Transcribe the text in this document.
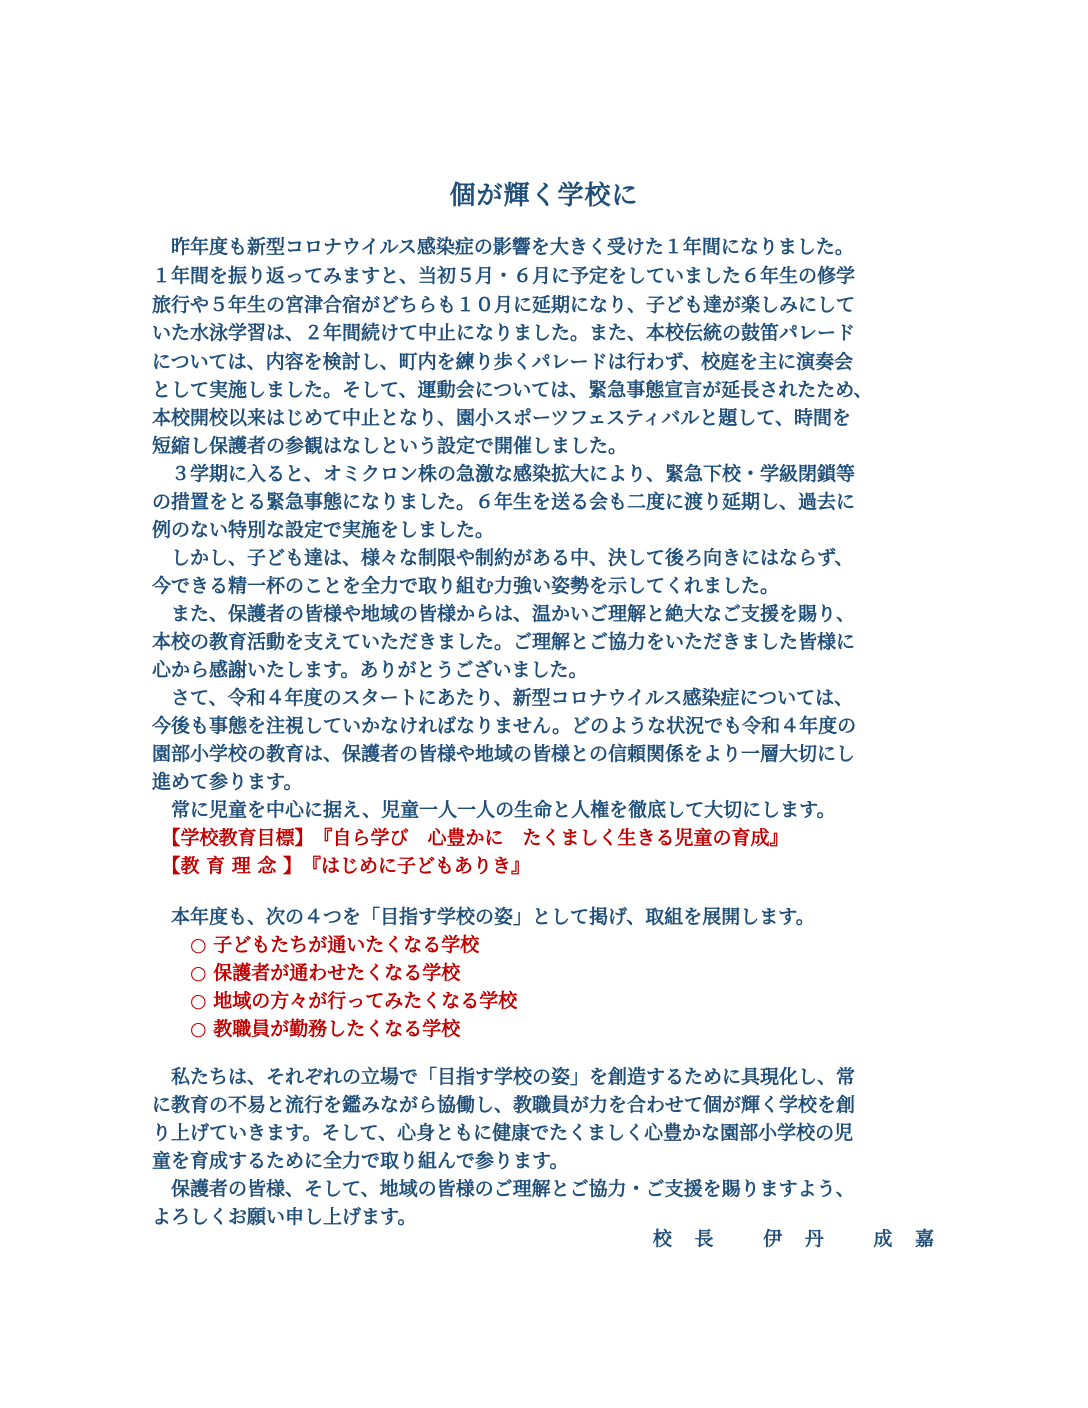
個が輝く学校に
　昨年度も新型コロナウイルス感染症の影響を大きく受けた１年間になりました。
１年間を振り返ってみますと、当初５月・６月に予定をしていました６年生の修学
旅行や５年生の宮津合宿がどちらも１０月に延期になり、子ども達が楽しみにして
いた水泳学習は、２年間続けて中止になりました。また、本校伝統の鼓笛パレード
については、内容を検討し、町内を練り歩くパレードは行わず、校庭を主に演奏会
として実施しました。そして、運動会については、緊急事態宣言が延長されたため、
本校開校以来はじめて中止となり、園小スポーツフェスティバルと題して、時間を
短縮し保護者の参観はなしという設定で開催しました。
　３学期に入ると、オミクロン株の急激な感染拡大により、緊急下校・学級閉鎖等
の措置をとる緊急事態になりました。６年生を送る会も二度に渡り延期し、過去に
例のない特別な設定で実施をしました。
　しかし、子ども達は、様々な制限や制約がある中、決して後ろ向きにはならず、
今できる精一杯のことを全力で取り組む力強い姿勢を示してくれました。
　また、保護者の皆様や地域の皆様からは、温かいご理解と絶大なご支援を賜り、
本校の教育活動を支えていただきました。ご理解とご協力をいただきました皆様に
心から感謝いたします。ありがとうございました。
　さて、令和４年度のスタートにあたり、新型コロナウイルス感染症については、
今後も事態を注視していかなければなりません。どのような状況でも令和４年度の
園部小学校の教育は、保護者の皆様や地域の皆様との信頼関係をより一層大切にし
進めて参ります。
　常に児童を中心に据え、児童一人一人の生命と人権を徹底して大切にします。
　【学校教育目標】　『自ら学び　心豊かに　たくましく生きる児童の育成』
　【教 育 理 念 】　『はじめに子どもありき』
　本年度も、次の４つを「目指す学校の姿」として掲げ、取組を展開します。
　　○ 子どもたちが通いたくなる学校
　　○ 保護者が通わせたくなる学校
　　○ 地域の方々が行ってみたくなる学校
　　○ 教職員が勤務したくなる学校
　私たちは、それぞれの立場で「目指す学校の姿」を創造するために具現化し、常
に教育の不易と流行を鑑みながら協働し、教職員が力を合わせて個が輝く学校を創
り上げていきます。そして、心身ともに健康でたくましく心豊かな園部小学校の児
童を育成するために全力で取り組んで参ります。
　保護者の皆様、そして、地域の皆様のご理解とご協力・ご支援を賜りますよう、
よろしくお願い申し上げます。
校 長　 伊 丹　 成 嘉
